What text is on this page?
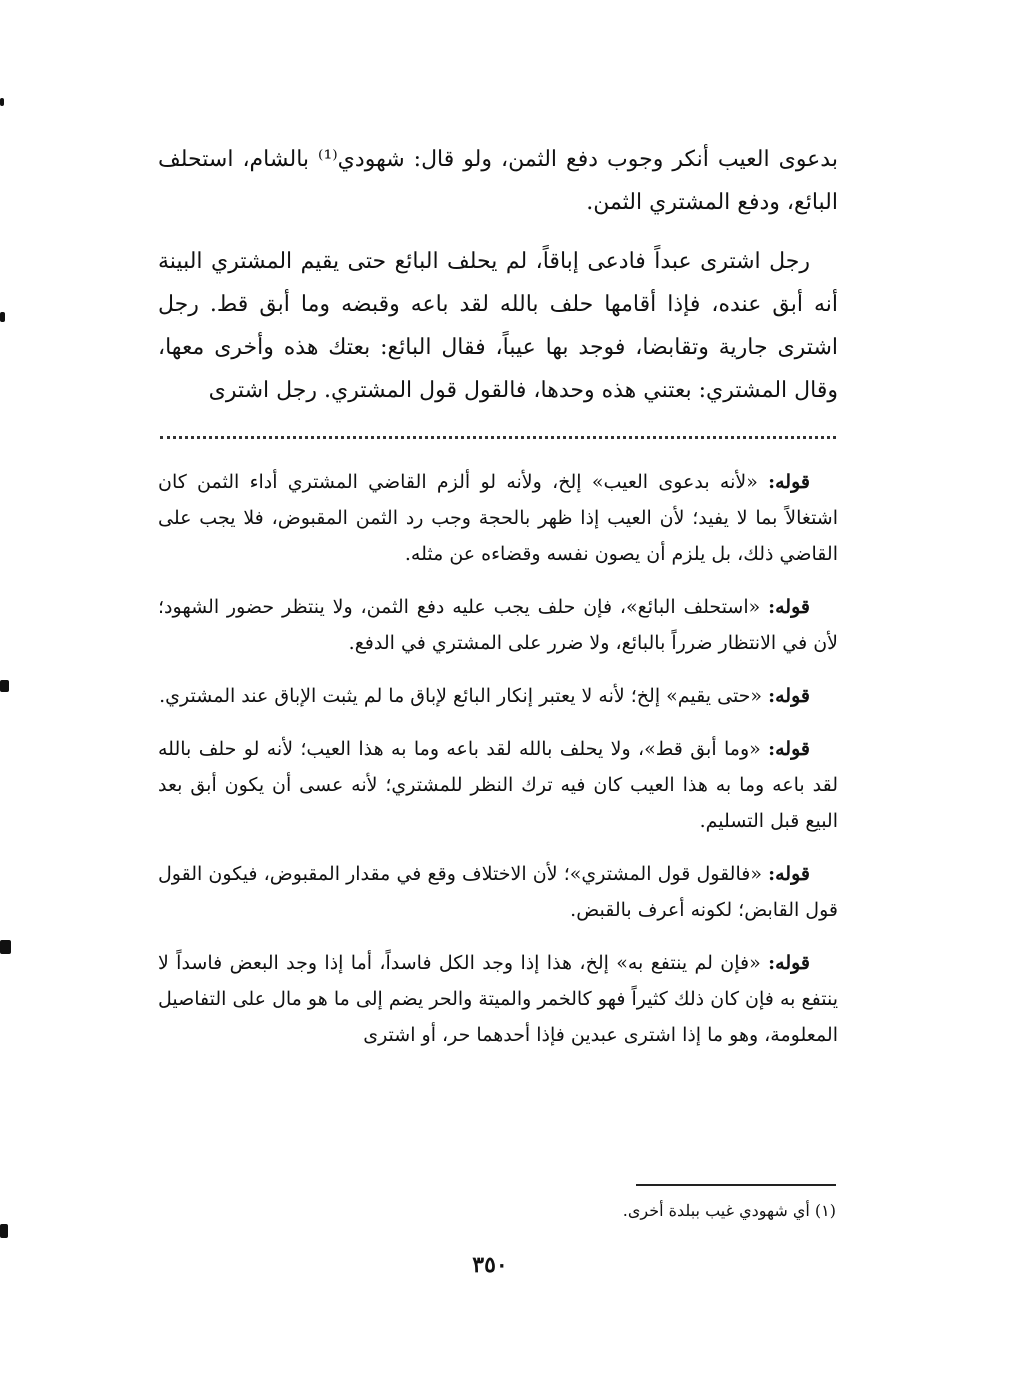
بدعوى العيب أنكر وجوب دفع الثمن، ولو قال: شهودي⁽¹⁾ بالشام، استحلف البائع، ودفع المشتري الثمن.

رجل اشترى عبداً فادعى إباقاً، لم يحلف البائع حتى يقيم المشتري البينة أنه أبق عنده، فإذا أقامها حلف بالله لقد باعه وقبضه وما أبق قط. رجل اشترى جارية وتقابضا، فوجد بها عيباً، فقال البائع: بعتك هذه وأخرى معها، وقال المشتري: بعتني هذه وحدها، فالقول قول المشتري. رجل اشترى

قوله: «لأنه بدعوى العيب» إلخ، ولأنه لو ألزم القاضي المشتري أداء الثمن كان اشتغالاً بما لا يفيد؛ لأن العيب إذا ظهر بالحجة وجب رد الثمن المقبوض، فلا يجب على القاضي ذلك، بل يلزم أن يصون نفسه وقضاءه عن مثله.

قوله: «استحلف البائع»، فإن حلف يجب عليه دفع الثمن، ولا ينتظر حضور الشهود؛ لأن في الانتظار ضرراً بالبائع، ولا ضرر على المشتري في الدفع.

قوله: «حتى يقيم» إلخ؛ لأنه لا يعتبر إنكار البائع لإباق ما لم يثبت الإباق عند المشتري.

قوله: «وما أبق قط»، ولا يحلف بالله لقد باعه وما به هذا العيب؛ لأنه لو حلف بالله لقد باعه وما به هذا العيب كان فيه ترك النظر للمشتري؛ لأنه عسى أن يكون أبق بعد البيع قبل التسليم.

قوله: «فالقول قول المشتري»؛ لأن الاختلاف وقع في مقدار المقبوض، فيكون القول قول القابض؛ لكونه أعرف بالقبض.

قوله: «فإن لم ينتفع به» إلخ، هذا إذا وجد الكل فاسداً، أما إذا وجد البعض فاسداً لا ينتفع به فإن كان ذلك كثيراً فهو كالخمر والميتة والحر يضم إلى ما هو مال على التفاصيل المعلومة، وهو ما إذا اشترى عبدين فإذا أحدهما حر، أو اشترى

(١) أي شهودي غيب ببلدة أخرى.
٣٥٠
